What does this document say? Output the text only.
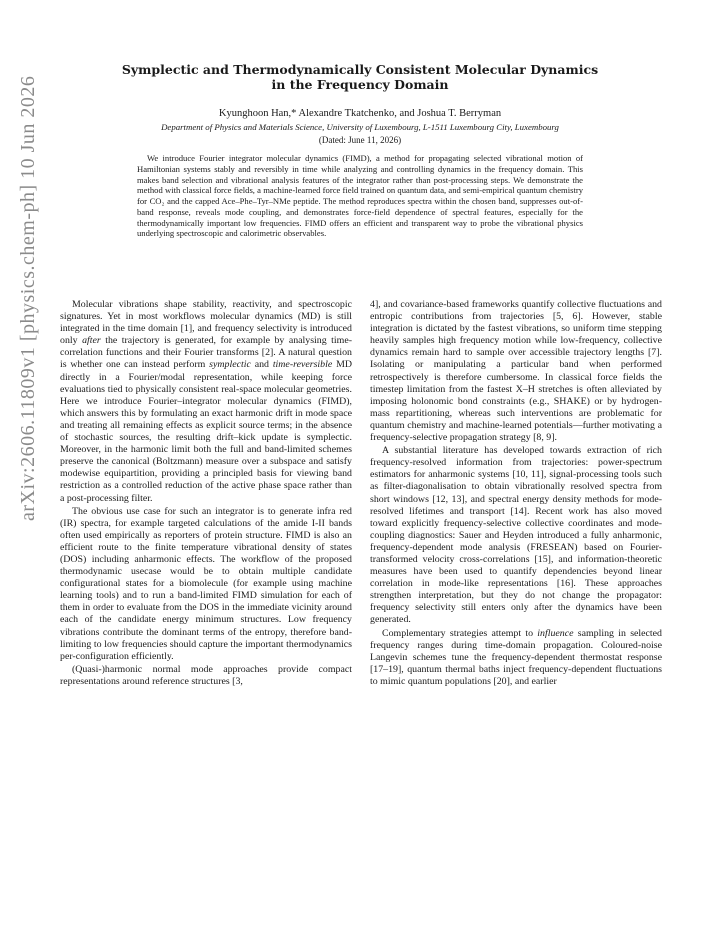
arXiv:2606.11809v1 [physics.chem-ph] 10 Jun 2026
Symplectic and Thermodynamically Consistent Molecular Dynamics
in the Frequency Domain
Kyunghoon Han,* Alexandre Tkatchenko, and Joshua T. Berryman
Department of Physics and Materials Science, University of Luxembourg, L-1511 Luxembourg City, Luxembourg
(Dated: June 11, 2026)
We introduce Fourier integrator molecular dynamics (FIMD), a method for propagating selected vibrational motion of Hamiltonian systems stably and reversibly in time while analyzing and controlling dynamics in the frequency domain. This makes band selection and vibrational analysis features of the integrator rather than post-processing steps. We demonstrate the method with classical force fields, a machine-learned force field trained on quantum data, and semi-empirical quantum chemistry for CO₂ and the capped Ace–Phe–Tyr–NMe peptide. The method reproduces spectra within the chosen band, suppresses out-of-band response, reveals mode coupling, and demonstrates force-field dependence of spectral features, especially for the thermodynamically important low frequencies. FIMD offers an efficient and transparent way to probe the vibrational physics underlying spectroscopic and calorimetric observables.

Molecular vibrations shape stability, reactivity, and spectroscopic signatures. Yet in most workflows molecular dynamics (MD) is still integrated in the time domain [1], and frequency selectivity is introduced only after the trajectory is generated, for example by analysing time-correlation functions and their Fourier transforms [2]. A natural question is whether one can instead perform symplectic and time-reversible MD directly in a Fourier/modal representation, while keeping force evaluations tied to physically consistent real-space molecular geometries. Here we introduce Fourier–integrator molecular dynamics (FIMD), which answers this by formulating an exact harmonic drift in mode space and treating all remaining effects as explicit source terms; in the absence of stochastic sources, the resulting drift–kick update is symplectic. Moreover, in the harmonic limit both the full and band-limited schemes preserve the canonical (Boltzmann) measure over a subspace and satisfy modewise equipartition, providing a principled basis for viewing band restriction as a controlled reduction of the active phase space rather than a post-processing filter.

The obvious use case for such an integrator is to generate infra red (IR) spectra, for example targeted calculations of the amide I-II bands often used empirically as reporters of protein structure. FIMD is also an efficient route to the finite temperature vibrational density of states (DOS) including anharmonic effects. The workflow of the proposed thermodynamic usecase would be to obtain multiple candidate configurational states for a biomolecule (for example using machine learning tools) and to run a band-limited FIMD simulation for each of them in order to evaluate from the DOS in the immediate vicinity around each of the candidate energy minimum structures. Low frequency vibrations contribute the dominant terms of the entropy, therefore band-limiting to low frequencies should capture the important thermodynamics per-configuration efficiently.

(Quasi-)harmonic normal mode approaches provide compact representations around reference structures [3,

4], and covariance-based frameworks quantify collective fluctuations and entropic contributions from trajectories [5, 6]. However, stable integration is dictated by the fastest vibrations, so uniform time stepping heavily samples high frequency motion while low-frequency, collective dynamics remain hard to sample over accessible trajectory lengths [7]. Isolating or manipulating a particular band when performed retrospectively is therefore cumbersome. In classical force fields the timestep limitation from the fastest X–H stretches is often alleviated by imposing holonomic bond constraints (e.g., SHAKE) or by hydrogen-mass repartitioning, whereas such interventions are problematic for quantum chemistry and machine-learned potentials—further motivating a frequency-selective propagation strategy [8, 9].

A substantial literature has developed towards extraction of rich frequency-resolved information from trajectories: power-spectrum estimators for anharmonic systems [10, 11], signal-processing tools such as filter-diagonalisation to obtain vibrationally resolved spectra from short windows [12, 13], and spectral energy density methods for mode-resolved lifetimes and transport [14]. Recent work has also moved toward explicitly frequency-selective collective coordinates and mode-coupling diagnostics: Sauer and Heyden introduced a fully anharmonic, frequency-dependent mode analysis (FRESEAN) based on Fourier-transformed velocity cross-correlations [15], and information-theoretic measures have been used to quantify dependencies beyond linear correlation in mode-like representations [16]. These approaches strengthen interpretation, but they do not change the propagator: frequency selectivity still enters only after the dynamics have been generated.

Complementary strategies attempt to influence sampling in selected frequency ranges during time-domain propagation. Coloured-noise Langevin schemes tune the frequency-dependent thermostat response [17–19], quantum thermal baths inject frequency-dependent fluctuations to mimic quantum populations [20], and earlier
